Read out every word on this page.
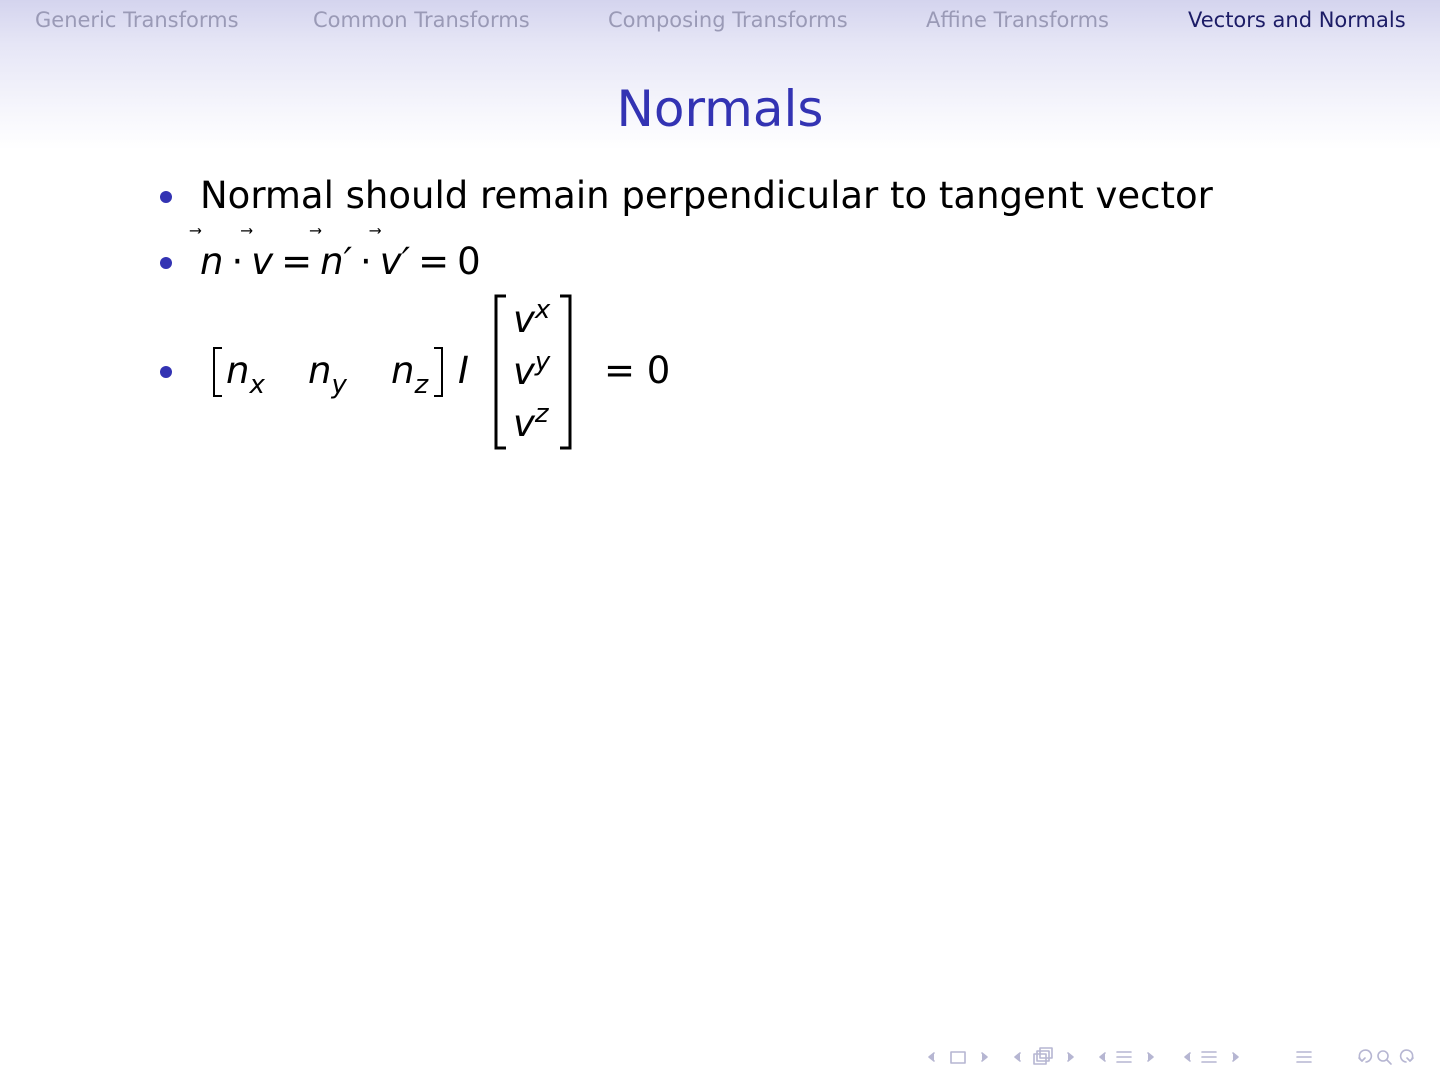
Generic Transforms	Common Transforms	Composing Transforms	Affine Transforms	Vectors and Normals
Normals
Normal should remain perpendicular to tangent vector
n · v = n′ · v′ = 0
$n_x$ $n_y$ $n_z$ I
$v^x$
$v^y$
$v^z$
= 0
